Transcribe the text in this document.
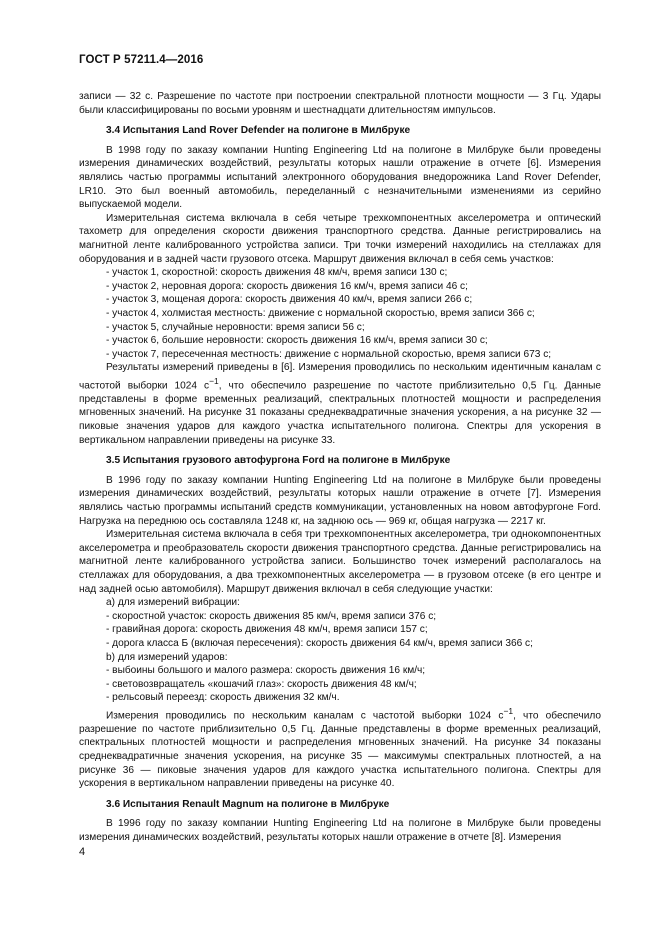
ГОСТ Р 57211.4—2016

записи — 32 с. Разрешение по частоте при построении спектральной плотности мощности — 3 Гц. Удары были классифицированы по восьми уровням и шестнадцати длительностям импульсов.

3.4 Испытания Land Rover Defender на полигоне в Милбруке

В 1998 году по заказу компании Hunting Engineering Ltd на полигоне в Милбруке были проведены измерения динамических воздействий, результаты которых нашли отражение в отчете [6]. Измерения являлись частью программы испытаний электронного оборудования внедорожника Land Rover Defender, LR10. Это был военный автомобиль, переделанный с незначительными изменениями из серийно выпускаемой модели.

Измерительная система включала в себя четыре трехкомпонентных акселерометра и оптический тахометр для определения скорости движения транспортного средства. Данные регистрировались на магнитной ленте калиброванного устройства записи. Три точки измерений находились на стеллажах для оборудования и в задней части грузового отсека. Маршрут движения включал в себя семь участков:

- участок 1, скоростной: скорость движения 48 км/ч, время записи 130 с;

- участок 2, неровная дорога: скорость движения 16 км/ч, время записи 46 с;

- участок 3, мощеная дорога: скорость движения 40 км/ч, время записи 266 с;

- участок 4, холмистая местность: движение с нормальной скоростью, время записи 366 с;

- участок 5, случайные неровности: время записи 56 с;

- участок 6, большие неровности: скорость движения 16 км/ч, время записи 30 с;

- участок 7, пересеченная местность: движение с нормальной скоростью, время записи 673 с;

Результаты измерений приведены в [6]. Измерения проводились по нескольким идентичным каналам с частотой выборки 1024 $с^{-1}$, что обеспечило разрешение по частоте приблизительно 0,5 Гц. Данные представлены в форме временных реализаций, спектральных плотностей мощности и распределения мгновенных значений. На рисунке 31 показаны среднеквадратичные значения ускорения, а на рисунке 32 — пиковые значения ударов для каждого участка испытательного полигона. Спектры для ускорения в вертикальном направлении приведены на рисунке 33.

3.5 Испытания грузового автофургона Ford на полигоне в Милбруке

В 1996 году по заказу компании Hunting Engineering Ltd на полигоне в Милбруке были проведены измерения динамических воздействий, результаты которых нашли отражение в отчете [7]. Измерения являлись частью программы испытаний средств коммуникации, установленных на новом автофургоне Ford. Нагрузка на переднюю ось составляла 1248 кг, на заднюю ось — 969 кг, общая нагрузка — 2217 кг.

Измерительная система включала в себя три трехкомпонентных акселерометра, три однокомпонентных акселерометра и преобразователь скорости движения транспортного средства. Данные регистрировались на магнитной ленте калиброванного устройства записи. Большинство точек измерений располагалось на стеллажах для оборудования, а два трехкомпонентных акселерометра — в грузовом отсеке (в его центре и над задней осью автомобиля). Маршрут движения включал в себя следующие участки:

a) для измерений вибрации:

- скоростной участок: скорость движения 85 км/ч, время записи 376 с;

- гравийная дорога: скорость движения 48 км/ч, время записи 157 с;

- дорога класса Б (включая пересечения): скорость движения 64 км/ч, время записи 366 с;

b) для измерений ударов:

- выбоины большого и малого размера: скорость движения 16 км/ч;

- световозвращатель «кошачий глаз»: скорость движения 48 км/ч;

- рельсовый переезд: скорость движения 32 км/ч.

Измерения проводились по нескольким каналам с частотой выборки 1024 $с^{-1}$, что обеспечило разрешение по частоте приблизительно 0,5 Гц. Данные представлены в форме временных реализаций, спектральных плотностей мощности и распределения мгновенных значений. На рисунке 34 показаны среднеквадратичные значения ускорения, на рисунке 35 — максимумы спектральных плотностей, а на рисунке 36 — пиковые значения ударов для каждого участка испытательного полигона. Спектры для ускорения в вертикальном направлении приведены на рисунке 40.

3.6 Испытания Renault Magnum на полигоне в Милбруке

В 1996 году по заказу компании Hunting Engineering Ltd на полигоне в Милбруке были проведены измерения динамических воздействий, результаты которых нашли отражение в отчете [8]. Измерения

4
